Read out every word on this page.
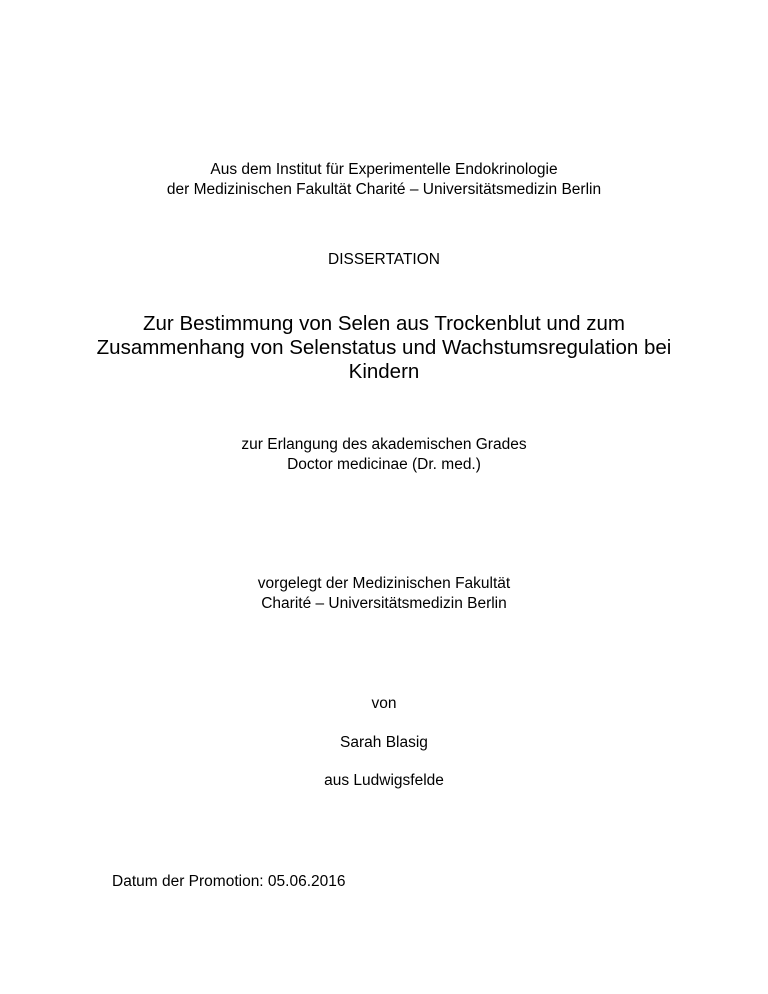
Aus dem Institut für Experimentelle Endokrinologie

der Medizinischen Fakultät Charité – Universitätsmedizin Berlin

DISSERTATION

Zur Bestimmung von Selen aus Trockenblut und zum

Zusammenhang von Selenstatus und Wachstumsregulation bei

Kindern

zur Erlangung des akademischen Grades

Doctor medicinae (Dr. med.)

vorgelegt der Medizinischen Fakultät

Charité – Universitätsmedizin Berlin

von

Sarah Blasig

aus Ludwigsfelde

Datum der Promotion: 05.06.2016
